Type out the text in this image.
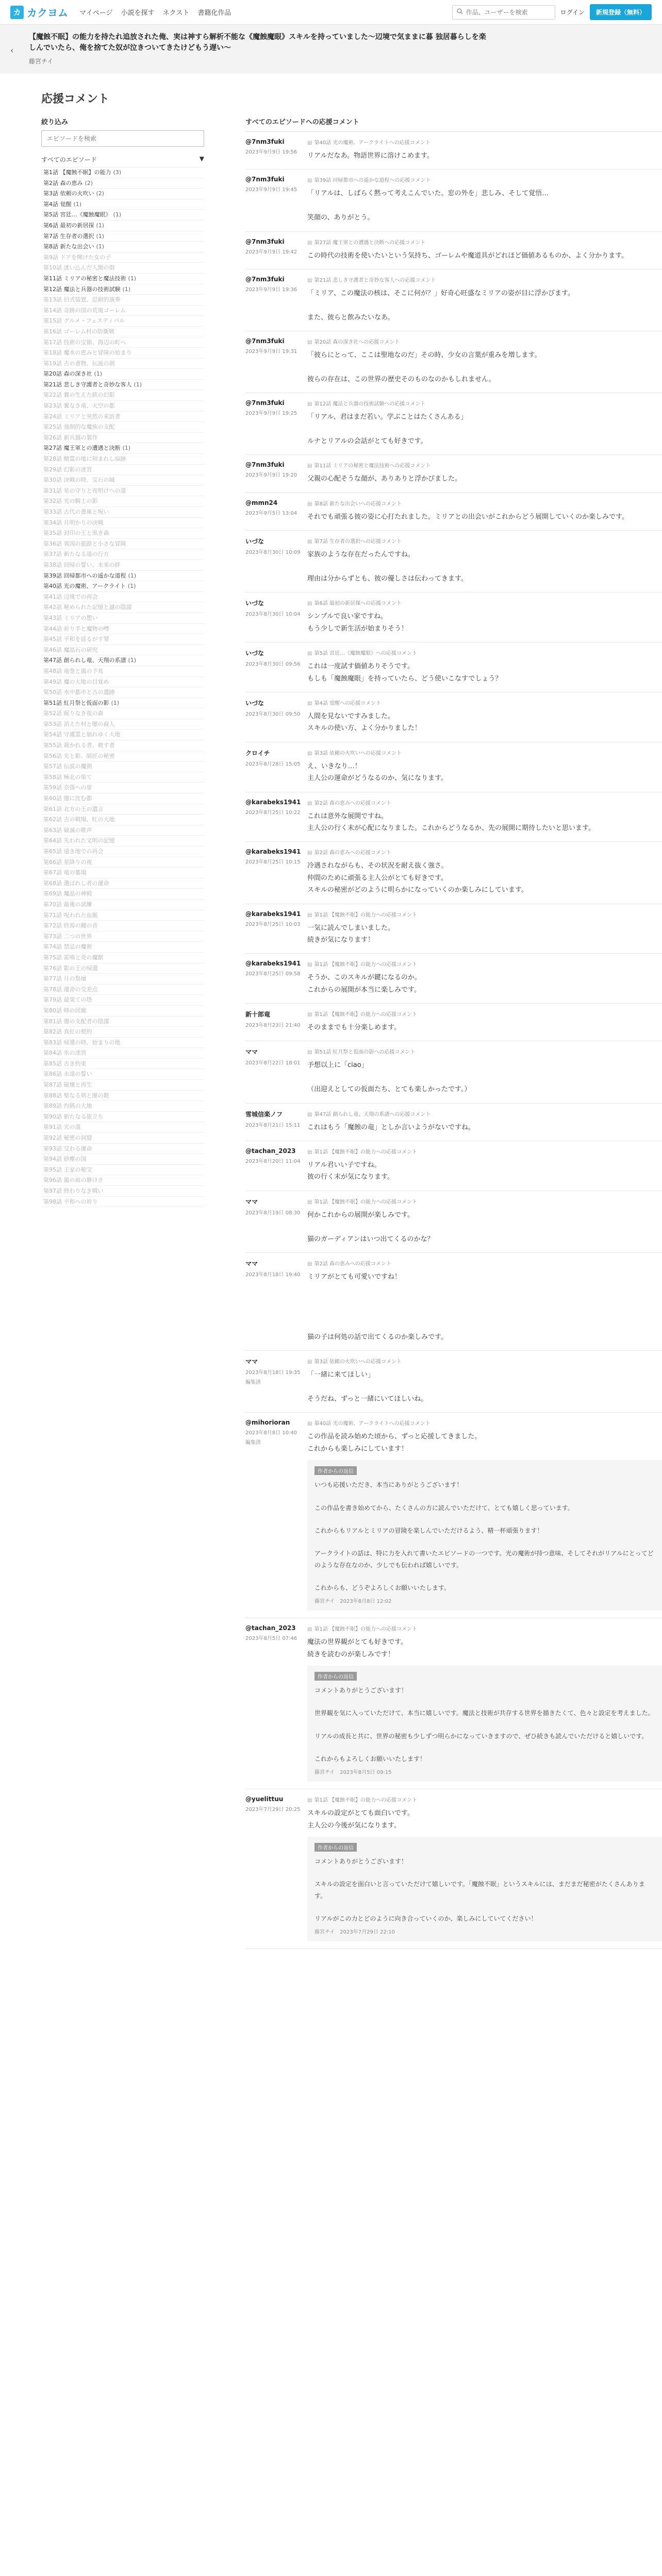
カ カクヨム マイページ 小説を探す ネクスト 書籍化作品
作品、ユーザーを検索	ログイン	新規登録（無料）
‹
【魔蝕不眠】の能力を持たれ追放された俺、実は神すら解析不能な《魔蝕魔眼》スキルを持っていました〜辺境で気ままに暮 独居暮らしを楽しんでいたら、俺を捨てた奴が泣きついてきたけどもう遅い〜
藤宮チイ
応援コメント
絞り込み
エピソードを検索
すべてのエピソード	▼
第1話 【魔蝕不眠】の能力 (3)
第2話 森の恵み (2)
第3話 依頼の火吹い (2)
第4話 覚醒 (1)
第5話 宮廷…《魔蝕魔眼》 (1)
第6話 最初の新居探 (1)
第7話 生存者の選択 (1)
第8話 新たな出会い (1)
第9話 ドアを開けた女の子
第10話 迷い込んだ人間の街
第11話 ミリアの秘密と魔法技術 (1)
第12話 魔法と兵器の技術試験 (1)
第13話 旧式装置、忍耐的演奏
第14話 奇跡の国の荒廃ゴーレム
第15話 グルメ・フェスティバル
第16話 ゴーレム村の防衛戦
第17話 技術の宝箱、海辺の町へ
第18話 魔水の恵みと冒険の始まり
第19話 古の書物、伝説の剣
第20話 森の深き社 (1)
第21話 悲しき守護者と奇妙な客人 (1)
第22話 翼の生えた鉄の幻影
第23話 翼なき竜、天空の都
第24話 ミリアと突然の来訪者
第25話 強制的な魔族の支配
第26話 新兵器の製作
第27話 魔王軍との遭遇と決断 (1)
第28話 精霊の地に刻まれし痕跡
第29話 幻影の迷宮
第30話 決戦の時、宝石の城
第31話 星の守りと夜明けへの道
第32話 光の騎士の影
第33話 古代の書庫と呪い
第34話 月明かりの決戦
第35話 封印の王と黒き森
第36話 異国の旅路と小さな冒険
第37話 新たなる道の行方
第38話 回帰の誓い、未来の絆
第39話 回帰都市への遥かな道程 (1)
第40話 光の魔術、アークライト (1)
第41話 辺境での再会
第42話 秘められた記憶と謎の陰謀
第43話 ミリアの想い
第44話 祈り手と魔物の噂
第45話 平和を揺るがす罪
第46話 魔晶石の研究
第47話 創られし竜、天翔の系譜 (1)
第48話 竜巻と嵐の予兆
第49話 魔の大地の目覚め
第50話 水中都市と古の遺跡
第51話 紅月祭と仮面の影 (1)
第52話 眠りなき夜の森
第53話 消えた村と闇の商人
第54話 守護霊と崩れゆく大地
第55話 裁かれる者、赦す者
第56話 光と影、師匠の秘密
第57話 伝説の魔剣
第58話 極北の果て
第59話 奈落への扉
第60話 闇に沈む都
第61話 北方の王の遺言
第62話 古の戦場、紅の大地
第63話 破滅の歌声
第64話 失われた文明の記憶
第65話 遠き地での再会
第66話 星降りの夜
第67話 竜の墓場
第68話 選ばれし者の運命
第69話 魔晶の神殿
第70話 最後の試練
第71話 呪われた血脈
第72話 終焉の鐘の音
第73話 二つの世界
第74話 禁忌の魔術
第75話 雷鳴と炎の魔獣
第76話 影の王の帰還
第77話 月の祭壇
第78話 運命の交差点
第79話 最果ての塔
第80話 時の回廊
第81話 闇の支配者の陰謀
第82話 真紅の契約
第83話 帰還の時、始まりの地
第84話 氷の迷宮
第85話 古き約束
第86話 永遠の誓い
第87話 破壊と再生
第88話 聖なる剣と闇の鎧
第89話 灼熱の大地
第90話 新たなる旅立ち
第91話 光の道
第92話 秘密の洞窟
第93話 交わる運命
第94話 砂塵の国
第95話 王家の秘宝
第96話 嵐の前の静けさ
第97話 終わりなき戦い
第98話 平和への祈り
すべてのエピソードへの応援コメント
@7nm3fuki
2023年9月9日 19:56
▤ 第40話 光の魔術、アークライトへの応援コメント
リアルだなあ。物語世界に溶けこめます。
@7nm3fuki
2023年9月9日 19:45
▤ 第39話 回帰都市への遥かな道程への応援コメント
「リアルは、しばらく黙って考えこんでいた。窓の外を」悲しみ、そして覚悟…

笑顔の、ありがとう。
@7nm3fuki
2023年9月9日 19:42
▤ 第27話 魔王軍との遭遇と決断への応援コメント
この時代の技術を使いたいという気持ち、ゴーレムや魔道具がどれほど価値あるものか、よく分かります。
@7nm3fuki
2023年9月9日 19:36
▤ 第21話 悲しき守護者と奇妙な客人への応援コメント
「ミリア、この魔法の核は、そこに何が？」好奇心旺盛なミリアの姿が目に浮かびます。

また、彼らと飲みたいなあ。
@7nm3fuki
2023年9月9日 19:31
▤ 第20話 森の深き社への応援コメント
「彼らにとって、ここは聖地なのだ」その時、少女の言葉が重みを増します。

彼らの存在は、この世界の歴史そのものなのかもしれません。
@7nm3fuki
2023年9月9日 19:25
▤ 第12話 魔法と兵器の技術試験への応援コメント
「リアル、君はまだ若い。学ぶことはたくさんある」

ルナとリアルの会話がとても好きです。
@7nm3fuki
2023年9月9日 19:20
▤ 第11話 ミリアの秘密と魔法技術への応援コメント
父親の心配そうな顔が、ありありと浮かびました。
@mmn24
2023年9月5日 13:04
▤ 第8話 新たな出会いへの応援コメント
それでも頑張る彼の姿に心打たれました。ミリアとの出会いがこれからどう展開していくのか楽しみです。
いづな
2023年8月30日 10:09
▤ 第7話 生存者の選択への応援コメント
家族のような存在だったんですね。

理由は分からずとも、彼の優しさは伝わってきます。
いづな
2023年8月30日 10:04
▤ 第6話 最初の新居探への応援コメント
シンプルで良い家ですね。
もう少しで新生活が始まりそう！
いづな
2023年8月30日 09:56
▤ 第5話 宮廷…《魔蝕魔眼》への応援コメント
これは一度試す価値ありそうです。
もしも「魔蝕魔眼」を持っていたら、どう使いこなすでしょう？
いづな
2023年8月30日 09:50
▤ 第4話 覚醒への応援コメント
人間を見ないですみました。
スキルの使い方、よく分かりました！
クロイチ
2023年8月28日 15:05
▤ 第3話 依頼の火吹いへの応援コメント
え、いきなり…！
主人公の運命がどうなるのか、気になります。
@karabeks1941
2023年8月25日 10:22
▤ 第2話 森の恵みへの応援コメント
これは意外な展開ですね。
主人公の行く末が心配になりました。これからどうなるか、先の展開に期待したいと思います。
@karabeks1941
2023年8月25日 10:15
▤ 第2話 森の恵みへの応援コメント
冷遇されながらも、その状況を耐え抜く強さ。
仲間のために頑張る主人公がとても好きです。
スキルの秘密がどのように明らかになっていくのか楽しみにしています。
@karabeks1941
2023年8月25日 10:03
▤ 第1話 【魔蝕不眠】の能力への応援コメント
一気に読んでしまいました。
続きが気になります！
@karabeks1941
2023年8月25日 09:58
▤ 第1話 【魔蝕不眠】の能力への応援コメント
そうか、このスキルが鍵になるのか。
これからの展開が本当に楽しみです。
新十郎竜
2023年8月23日 21:40
▤ 第1話 【魔蝕不眠】の能力への応援コメント
そのままでも十分楽しめます。
ママ
2023年8月22日 18:01
▤ 第51話 紅月祭と仮面の影への応援コメント
予想以上に「ciao」

（出迎えとしての仮面たち、とても楽しかったです。）
雪城信楽ノフ
2023年8月21日 15:11
▤ 第47話 創られし竜、天翔の系譜への応援コメント
これはもう「魔蝕の竜」としか言いようがないですね。
@tachan_2023
2023年8月20日 11:04
▤ 第1話 【魔蝕不眠】の能力への応援コメント
リアル君いい子ですね。
彼の行く末が気になります。
ママ
2023年8月19日 08:30
▤ 第1話 【魔蝕不眠】の能力への応援コメント
何かこれからの展開が楽しみです。

猫のガーディアンはいつ出てくるのかな？
ママ
2023年8月18日 19:40
▤ 第2話 森の恵みへの応援コメント
ミリアがとても可愛いですね！

猫の子は何処の話で出てくるのか楽しみです。
ママ
2023年8月18日 19:35
編集済
▤ 第3話 依頼の火吹いへの応援コメント
「一緒に来てほしい」

そうだね、ずっと一緒にいてほしいね。
@mihorioran
2023年8月8日 10:40
編集済
▤ 第40話 光の魔術、アークライトへの応援コメント
この作品を読み始めた頃から、ずっと応援してきました。
これからも楽しみにしています！
作者からの返信
いつも応援いただき、本当にありがとうございます！

この作品を書き始めてから、たくさんの方に読んでいただけて、とても嬉しく思っています。

これからもリアルとミリアの冒険を楽しんでいただけるよう、精一杯頑張ります！

アークライトの話は、特に力を入れて書いたエピソードの一つです。光の魔術が持つ意味、そしてそれがリアルにとってどのような存在なのか、少しでも伝われば嬉しいです。

これからも、どうぞよろしくお願いいたします。
藤宮チイ　2023年8月8日 12:02
@tachan_2023
2023年8月5日 07:46
▤ 第1話 【魔蝕不眠】の能力への応援コメント
魔法の世界観がとても好きです。
続きを読むのが楽しみです！
作者からの返信
コメントありがとうございます！

世界観を気に入っていただけて、本当に嬉しいです。魔法と技術が共存する世界を描きたくて、色々と設定を考えました。

リアルの成長と共に、世界の秘密も少しずつ明らかになっていきますので、ぜひ続きも読んでいただけると嬉しいです。

これからもよろしくお願いいたします！
藤宮チイ　2023年8月5日 09:15
@yuelittuu
2023年7月29日 20:25
▤ 第1話 【魔蝕不眠】の能力への応援コメント
スキルの設定がとても面白いです。
主人公の今後が気になります。
作者からの返信
コメントありがとうございます！

スキルの設定を面白いと言っていただけて嬉しいです。「魔蝕不眠」というスキルには、まだまだ秘密がたくさんあります。

リアルがこの力とどのように向き合っていくのか、楽しみにしていてください！
藤宮チイ　2023年7月29日 22:10
